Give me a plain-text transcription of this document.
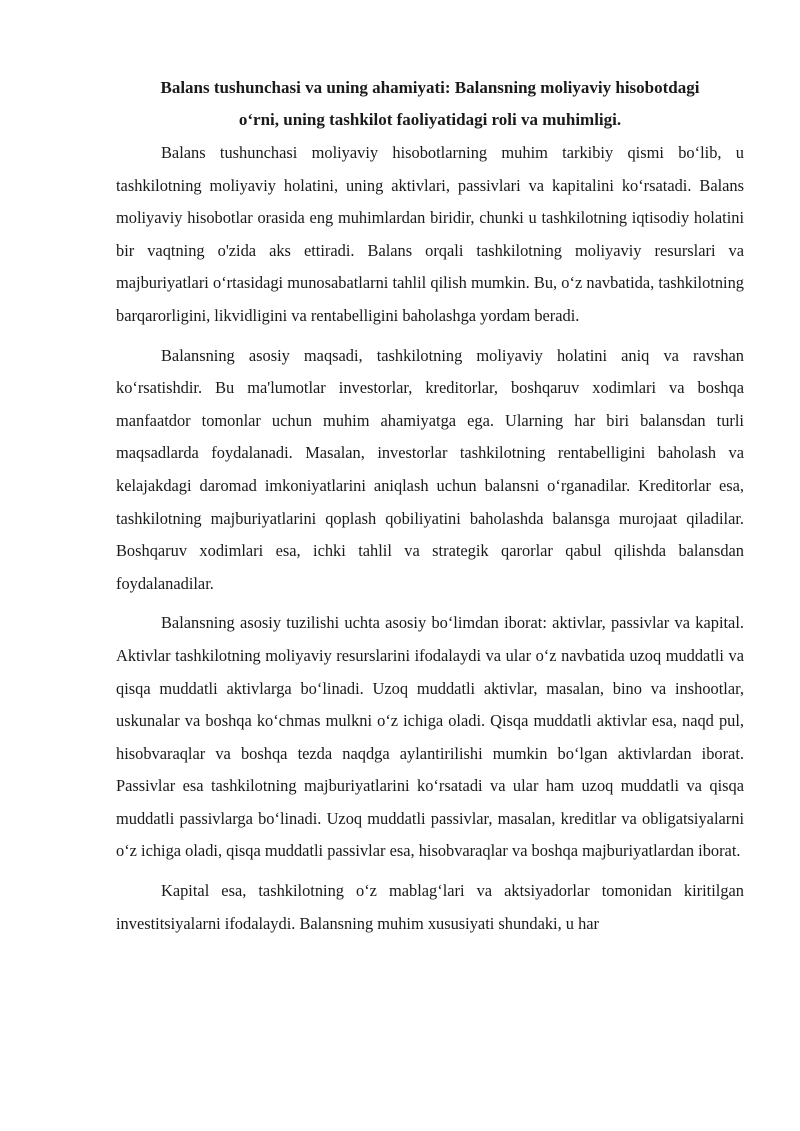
Balans tushunchasi va uning ahamiyati: Balansning moliyaviy hisobotdagi
o‘rni, uning tashkilot faoliyatidagi roli va muhimligi.

Balans tushunchasi moliyaviy hisobotlarning muhim tarkibiy qismi bo‘lib, u tashkilotning moliyaviy holatini, uning aktivlari, passivlari va kapitalini ko‘rsatadi. Balans moliyaviy hisobotlar orasida eng muhimlardan biridir, chunki u tashkilotning iqtisodiy holatini bir vaqtning o'zida aks ettiradi. Balans orqali tashkilotning moliyaviy resurslari va majburiyatlari o‘rtasidagi munosabatlarni tahlil qilish mumkin. Bu, o‘z navbatida, tashkilotning barqarorligini, likvidligini va rentabelligini baholashga yordam beradi.

Balansning asosiy maqsadi, tashkilotning moliyaviy holatini aniq va ravshan ko‘rsatishdir. Bu ma'lumotlar investorlar, kreditorlar, boshqaruv xodimlari va boshqa manfaatdor tomonlar uchun muhim ahamiyatga ega. Ularning har biri balansdan turli maqsadlarda foydalanadi. Masalan, investorlar tashkilotning rentabelligini baholash va kelajakdagi daromad imkoniyatlarini aniqlash uchun balansni o‘rganadilar. Kreditorlar esa, tashkilotning majburiyatlarini qoplash qobiliyatini baholashda balansga murojaat qiladilar. Boshqaruv xodimlari esa, ichki tahlil va strategik qarorlar qabul qilishda balansdan foydalanadilar.

Balansning asosiy tuzilishi uchta asosiy bo‘limdan iborat: aktivlar, passivlar va kapital. Aktivlar tashkilotning moliyaviy resurslarini ifodalaydi va ular o‘z navbatida uzoq muddatli va qisqa muddatli aktivlarga bo‘linadi. Uzoq muddatli aktivlar, masalan, bino va inshootlar, uskunalar va boshqa ko‘chmas mulkni o‘z ichiga oladi. Qisqa muddatli aktivlar esa, naqd pul, hisobvaraqlar va boshqa tezda naqdga aylantirilishi mumkin bo‘lgan aktivlardan iborat. Passivlar esa tashkilotning majburiyatlarini ko‘rsatadi va ular ham uzoq muddatli va qisqa muddatli passivlarga bo‘linadi. Uzoq muddatli passivlar, masalan, kreditlar va obligatsiyalarni o‘z ichiga oladi, qisqa muddatli passivlar esa, hisobvaraqlar va boshqa majburiyatlardan iborat.

Kapital esa, tashkilotning o‘z mablag‘lari va aktsiyadorlar tomonidan kiritilgan investitsiyalarni ifodalaydi. Balansning muhim xususiyati shundaki, u har
